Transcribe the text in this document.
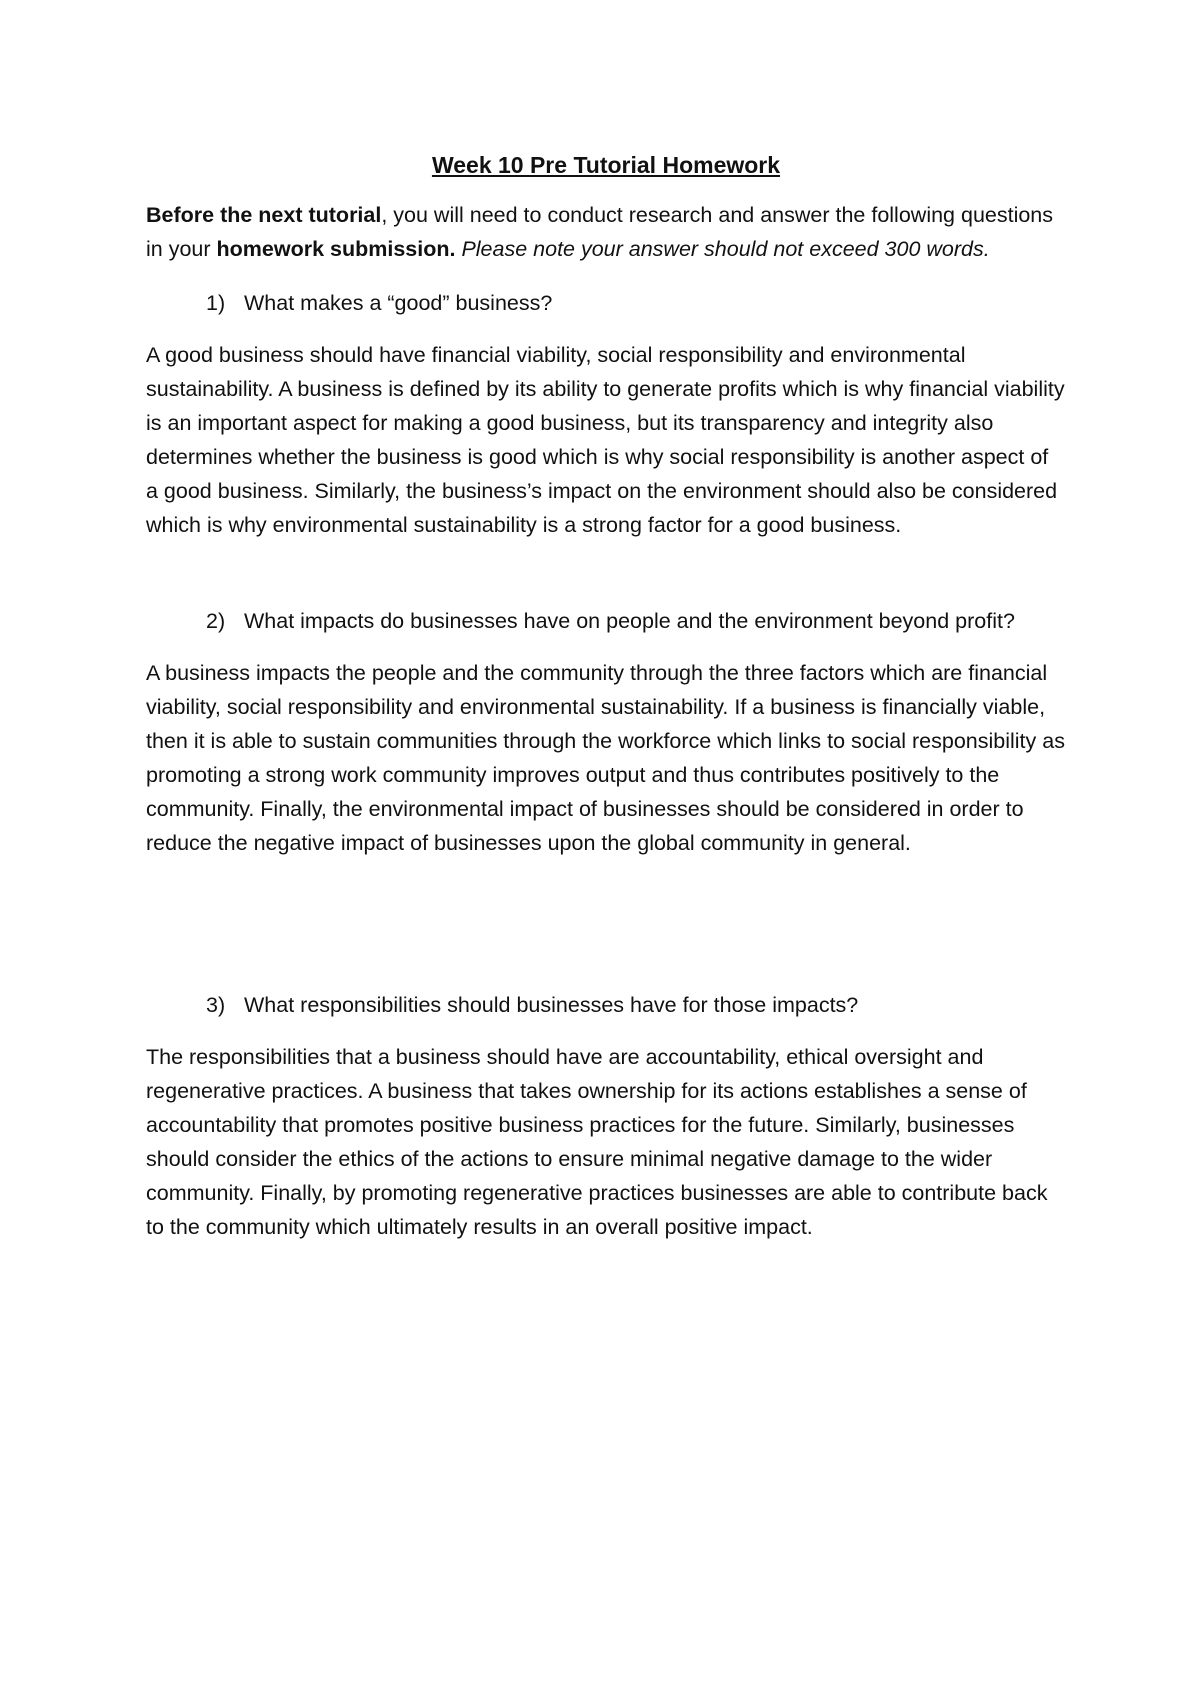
Week 10 Pre Tutorial Homework

Before the next tutorial, you will need to conduct research and answer the following questions in your homework submission. Please note your answer should not exceed 300 words.

1) What makes a “good” business?

A good business should have financial viability, social responsibility and environmental sustainability. A business is defined by its ability to generate profits which is why financial viability is an important aspect for making a good business, but its transparency and integrity also determines whether the business is good which is why social responsibility is another aspect of a good business. Similarly, the business’s impact on the environment should also be considered which is why environmental sustainability is a strong factor for a good business.

2) What impacts do businesses have on people and the environment beyond profit?

A business impacts the people and the community through the three factors which are financial viability, social responsibility and environmental sustainability. If a business is financially viable, then it is able to sustain communities through the workforce which links to social responsibility as promoting a strong work community improves output and thus contributes positively to the community. Finally, the environmental impact of businesses should be considered in order to reduce the negative impact of businesses upon the global community in general.

3) What responsibilities should businesses have for those impacts?

The responsibilities that a business should have are accountability, ethical oversight and regenerative practices. A business that takes ownership for its actions establishes a sense of accountability that promotes positive business practices for the future. Similarly, businesses should consider the ethics of the actions to ensure minimal negative damage to the wider community. Finally, by promoting regenerative practices businesses are able to contribute back to the community which ultimately results in an overall positive impact.
